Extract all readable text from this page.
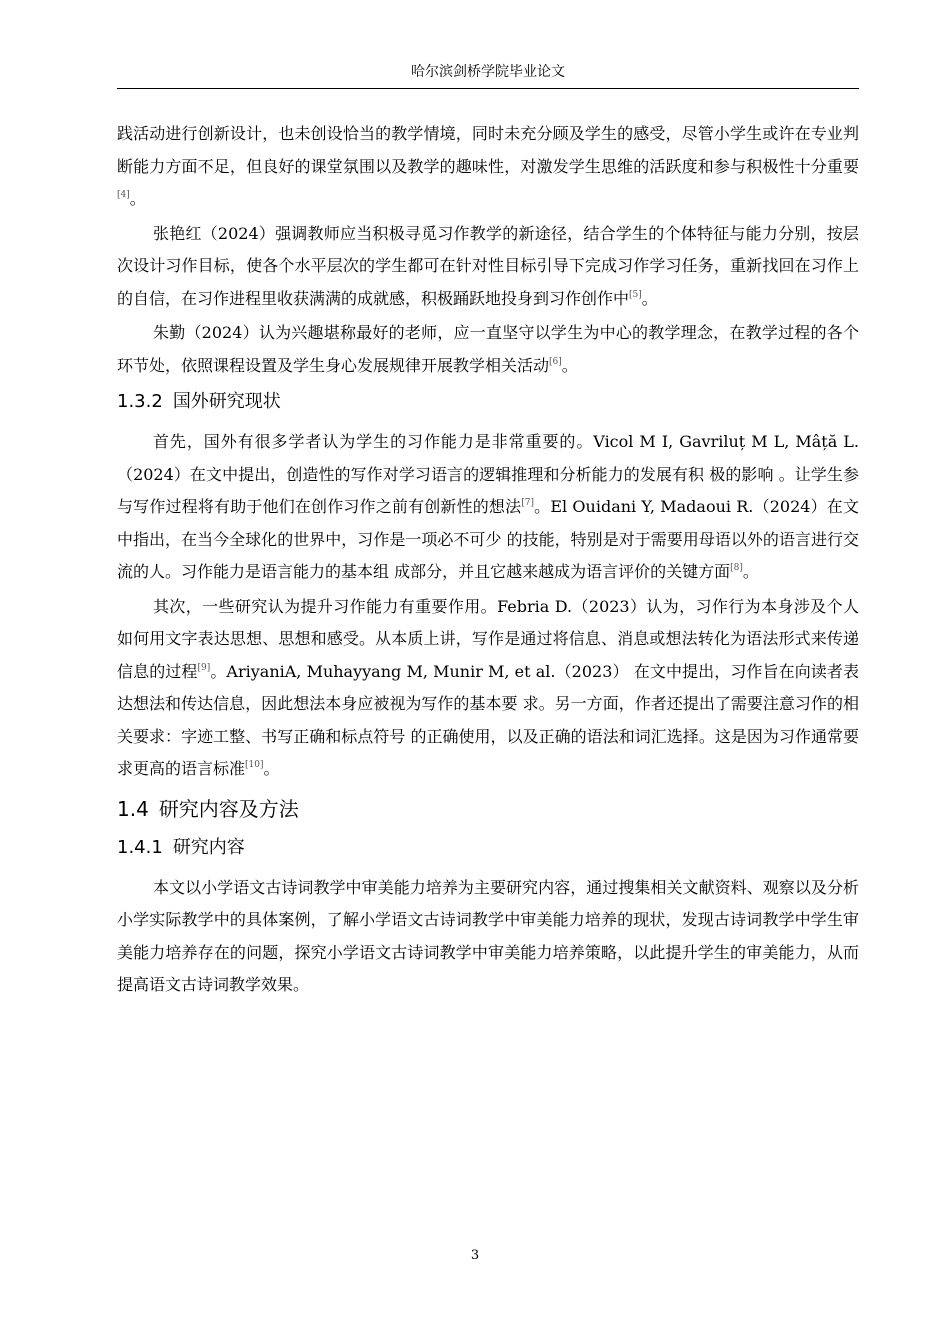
哈尔滨剑桥学院毕业论文

践活动进行创新设计，也未创设恰当的教学情境，同时未充分顾及学生的感受，尽管小学生或许在专业判断能力方面不足，但良好的课堂氛围以及教学的趣味性，对激发学生思维的活跃度和参与积极性十分重要[4]。

张艳红（2024）强调教师应当积极寻觅习作教学的新途径，结合学生的个体特征与能力分别，按层次设计习作目标，使各个水平层次的学生都可在针对性目标引导下完成习作学习任务，重新找回在习作上的自信，在习作进程里收获满满的成就感，积极踊跃地投身到习作创作中[5]。

朱勤（2024）认为兴趣堪称最好的老师，应一直坚守以学生为中心的教学理念，在教学过程的各个环节处，依照课程设置及学生身心发展规律开展教学相关活动[6]。

1.3.2 国外研究现状

首先，国外有很多学者认为学生的习作能力是非常重要的。Vicol M I, Gavriluț M L, Mâță L.（2024）在文中提出，创造性的写作对学习语言的逻辑推理和分析能力的发展有积 极的影响 。让学生参与写作过程将有助于他们在创作习作之前有创新性的想法[7]。El Ouidani Y, Madaoui R.（2024）在文中指出，在当今全球化的世界中，习作是一项必不可少 的技能，特别是对于需要用母语以外的语言进行交流的人。习作能力是语言能力的基本组 成部分，并且它越来越成为语言评价的关键方面[8]。

其次，一些研究认为提升习作能力有重要作用。Febria D.（2023）认为，习作行为本身涉及个人如何用文字表达思想、思想和感受。从本质上讲，写作是通过将信息、消息或想法转化为语法形式来传递信息的过程[9]。AriyaniA, Muhayyang M, Munir M, et al.（2023） 在文中提出，习作旨在向读者表达想法和传达信息，因此想法本身应被视为写作的基本要 求。另一方面，作者还提出了需要注意习作的相关要求：字迹工整、书写正确和标点符号 的正确使用，以及正确的语法和词汇选择。这是因为习作通常要求更高的语言标准[10]。

1.4 研究内容及方法
1.4.1 研究内容

本文以小学语文古诗词教学中审美能力培养为主要研究内容，通过搜集相关文献资料、观察以及分析小学实际教学中的具体案例，了解小学语文古诗词教学中审美能力培养的现状，发现古诗词教学中学生审美能力培养存在的问题，探究小学语文古诗词教学中审美能力培养策略，以此提升学生的审美能力，从而提高语文古诗词教学效果。

3
